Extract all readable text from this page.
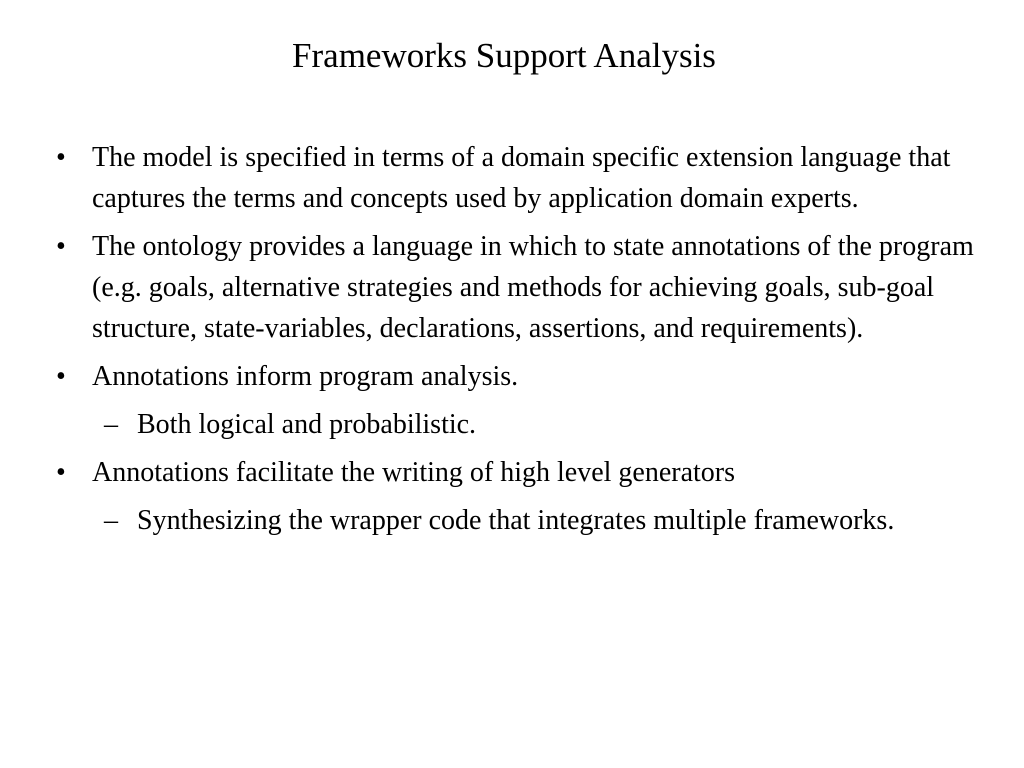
Frameworks Support Analysis
• The model is specified in terms of a domain specific extension language that captures the terms and concepts used by application domain experts.
• The ontology provides a language in which to state annotations of the program (e.g. goals, alternative strategies and methods for achieving goals, sub-goal structure, state-variables, declarations, assertions, and requirements).
• Annotations inform program analysis.
– Both logical and probabilistic.
• Annotations facilitate the writing of high level generators
– Synthesizing the wrapper code that integrates multiple frameworks.
